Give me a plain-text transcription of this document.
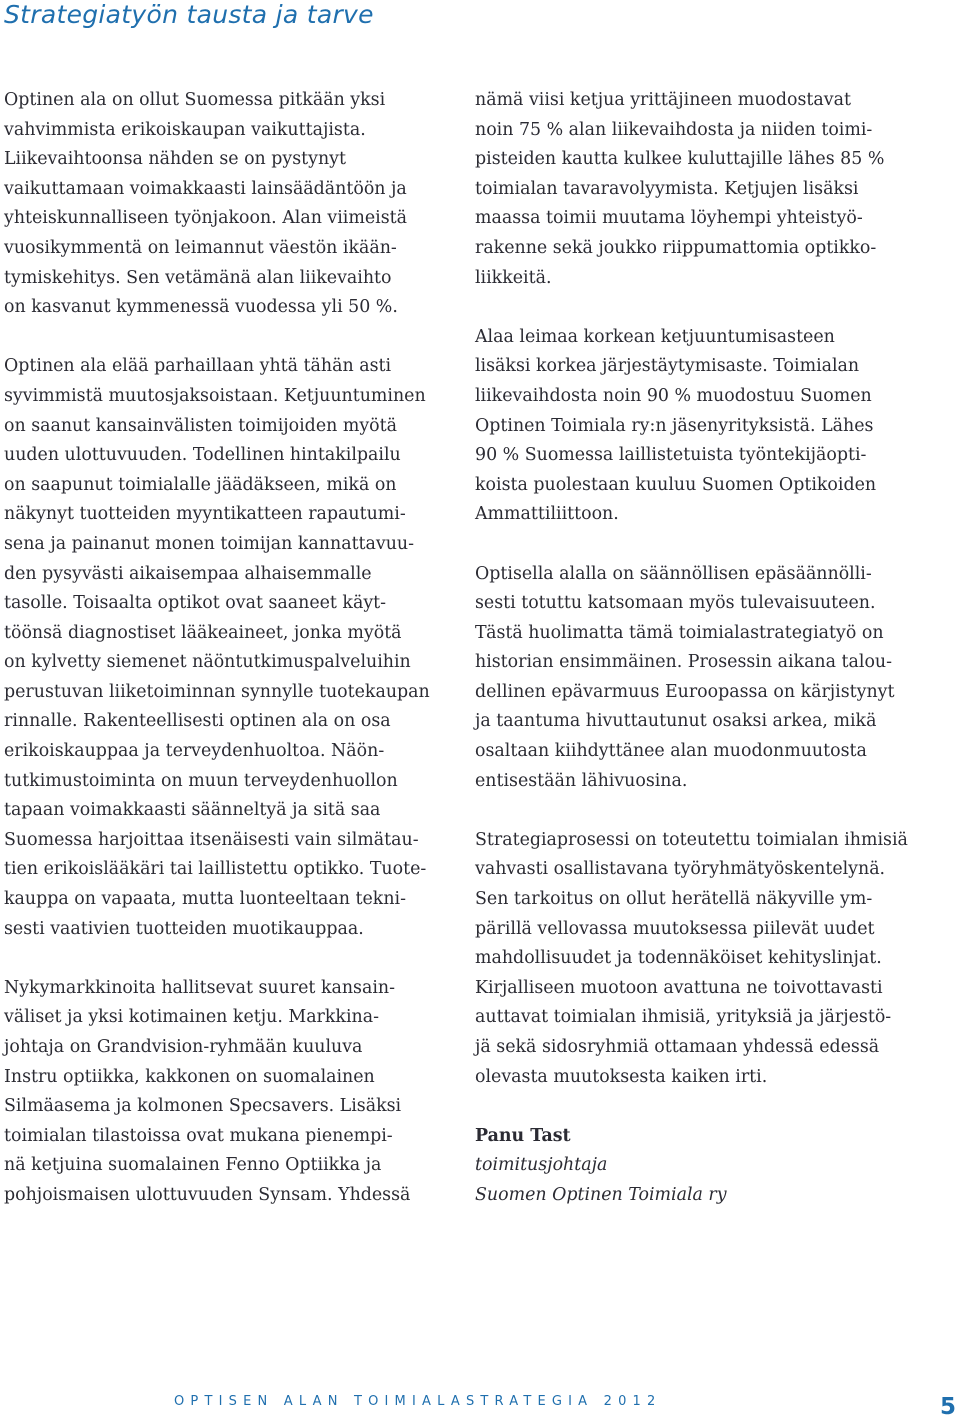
Strategiatyön tausta ja tarve
Optinen ala on ollut Suomessa pitkään yksi
vahvimmista erikoiskaupan vaikuttajista.
Liikevaihtoonsa nähden se on pystynyt
vaikuttamaan voimakkaasti lainsäädäntöön ja
yhteiskunnalliseen työnjakoon. Alan viimeistä
vuosikymmentä on leimannut väestön ikään-
tymiskehitys. Sen vetämänä alan liikevaihto
on kasvanut kymmenessä vuodessa yli 50 %.
Optinen ala elää parhaillaan yhtä tähän asti
syvimmistä muutosjaksoistaan. Ketjuuntuminen
on saanut kansainvälisten toimijoiden myötä
uuden ulottuvuuden. Todellinen hintakilpailu
on saapunut toimialalle jäädäkseen, mikä on
näkynyt tuotteiden myyntikatteen rapautumi-
sena ja painanut monen toimijan kannattavuu-
den pysyvästi aikaisempaa alhaisemmalle
tasolle. Toisaalta optikot ovat saaneet käyt-
töönsä diagnostiset lääkeaineet, jonka myötä
on kylvetty siemenet näöntutkimuspalveluihin
perustuvan liiketoiminnan synnylle tuotekaupan
rinnalle. Rakenteellisesti optinen ala on osa
erikoiskauppaa ja terveydenhuoltoa. Näön-
tutkimustoiminta on muun terveydenhuollon
tapaan voimakkaasti säänneltyä ja sitä saa
Suomessa harjoittaa itsenäisesti vain silmätau-
tien erikoislääkäri tai laillistettu optikko. Tuote-
kauppa on vapaata, mutta luonteeltaan tekni-
sesti vaativien tuotteiden muotikauppaa.
Nykymarkkinoita hallitsevat suuret kansain-
väliset ja yksi kotimainen ketju. Markkina-
johtaja on Grandvision-ryhmään kuuluva
Instru optiikka, kakkonen on suomalainen
Silmäasema ja kolmonen Specsavers. Lisäksi
toimialan tilastoissa ovat mukana pienempi-
nä ketjuina suomalainen Fenno Optiikka ja
pohjoismaisen ulottuvuuden Synsam. Yhdessä
nämä viisi ketjua yrittäjineen muodostavat
noin 75 % alan liikevaihdosta ja niiden toimi-
pisteiden kautta kulkee kuluttajille lähes 85 %
toimialan tavaravolyymista. Ketjujen lisäksi
maassa toimii muutama löyhempi yhteistyö-
rakenne sekä joukko riippumattomia optikko-
liikkeitä.
Alaa leimaa korkean ketjuuntumisasteen
lisäksi korkea järjestäytymisaste. Toimialan
liikevaihdosta noin 90 % muodostuu Suomen
Optinen Toimiala ry:n jäsenyrityksistä. Lähes
90 % Suomessa laillistetuista työntekijäopti-
koista puolestaan kuuluu Suomen Optikoiden
Ammattiliittoon.
Optisella alalla on säännöllisen epäsäännölli-
sesti totuttu katsomaan myös tulevaisuuteen.
Tästä huolimatta tämä toimialastrategiatyö on
historian ensimmäinen. Prosessin aikana talou-
dellinen epävarmuus Euroopassa on kärjistynyt
ja taantuma hivuttautunut osaksi arkea, mikä
osaltaan kiihdyttänee alan muodonmuutosta
entisestään lähivuosina.
Strategiaprosessi on toteutettu toimialan ihmisiä
vahvasti osallistavana työryhmätyöskentelynä.
Sen tarkoitus on ollut herätellä näkyville ym-
pärillä vellovassa muutoksessa piilevät uudet
mahdollisuudet ja todennäköiset kehityslinjat.
Kirjalliseen muotoon avattuna ne toivottavasti
auttavat toimialan ihmisiä, yrityksiä ja järjestö-
jä sekä sidosryhmiä ottamaan yhdessä edessä
olevasta muutoksesta kaiken irti.
Panu Tast
toimitusjohtaja
Suomen Optinen Toimiala ry
OPTISEN ALAN TOIMIALASTRATEGIA 2012	5
